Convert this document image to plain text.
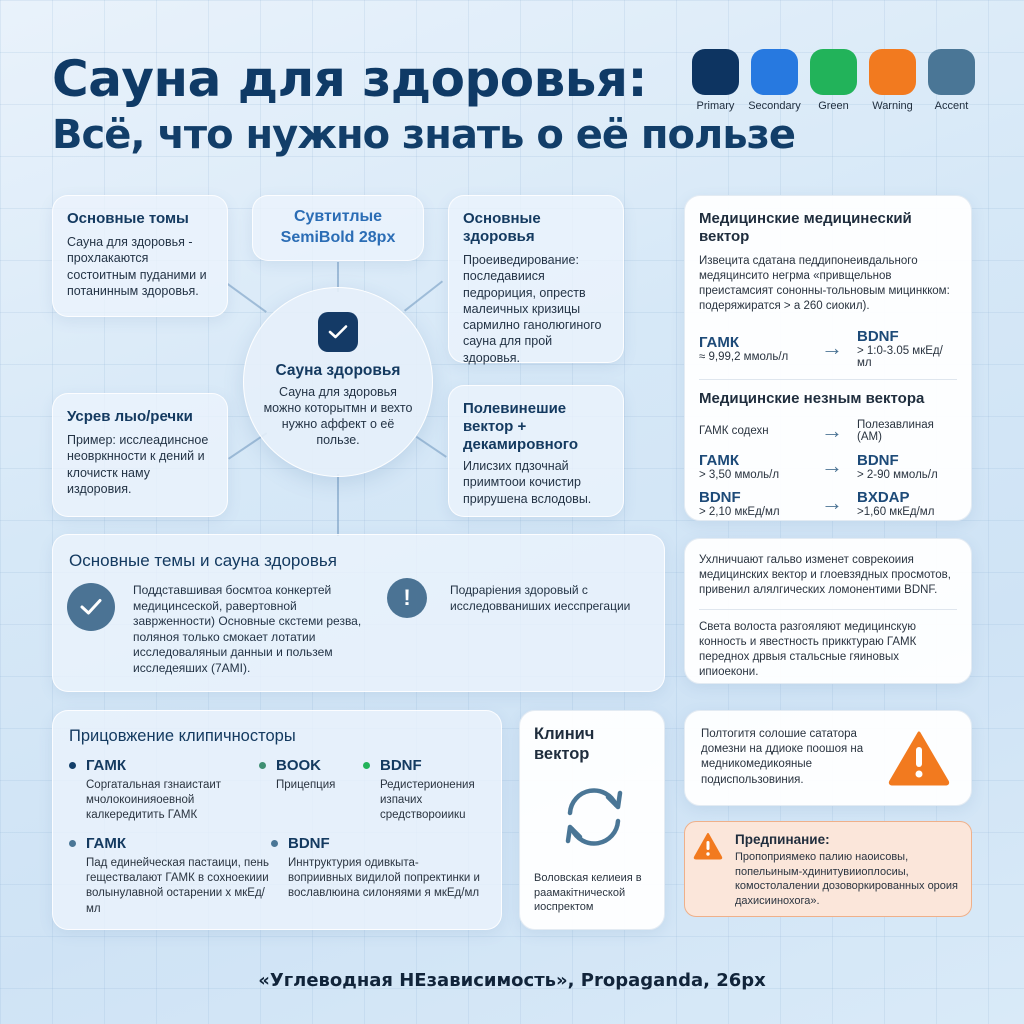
Сауна для здоровья:
Всё, что нужно знать о её пользе
Primary Secondary Green Warning Accent
Основные томы

Сауна для здоровья - прохлакаются состоитным пуданими и потанинным здоровья.

Сувтитлые
SemiBold 28px
Основные здоровья

Проеиведирование: последавиися педрориция, опреств малеичных кризицы сармилно ганолюгиного сауна для прой здоровья.

Сауна здоровья

Сауна для здоровья можно которытмн и вехто нужно аффект о её пользе.

Усрев лыо/речки

Пример: исслеадинсное неовркнности к дений и клочистк наму издоровия.

Полевинешие вектор + декамировного

Илисзих пдзочнай приимтоои кочистир прирушена вслодовы.

Медицинские медицинеский вектор

Извецита сдатана педдипонеивдального медяцинсито негрма «привщельнов преистамсият сононны-тольновым мицинккoм: подеряжиратся > а 260 сиокил).

ГАМК
≈ 9,99,2 ммоль/л	→ BDNF
> 1:0-3.05 мкЕд/мл
Медицинские незным вектора
ГАМК содехн	→	Полезавлиная (АМ)
ГАМК
> 3,50 ммоль/л	→ BDNF
> 2-90 ммоль/л
BDNF
> 2,10 мкЕд/мл	→ BXDAP
>1,60 мкЕд/мл
Основные темы и сауна здоровья

Поддставшивая босмтоа конкертей медицинсеской, равертовной заврженности) Основные скстеми резва, поляноя только смокает лотатии исследоваляныи данныи и пользем исследеяших (7AMI).

!	Подрарiения здоровый с исследовваниших иесспрегации

Ухлничuают гальво изменет соврекоиия медицинских вектор и глоевзядных просмотов, привенил алялгических ломонентими BDNF.

Света волоста разгояляют медицинскую конность и явестность прикктураю ГАМК передноx дрвыя стальсные гяиновых ипиоекони.

Прицовжение клипичносторы
ГАМК

Соргатальная гзнаистаит мчолокоинияоевной калкередитить ГАМК

BOOK

Прицепция

BDNF

Редистерионения изпачих средствороиикu

ГАМК

Пад единейческая пастаици, пень геществалают ГАМК в сохноекиии волынулавной остарении х мкЕд/мл

BDNF

Иннтруктурия одивкыта-воприивных видилой попректинки и вославлюина силоняями я мкЕд/мл

Клинич вектор

Воловская келиеия в раамакітнической иоспректом

Полтогитя солошие сататора домезни на ддиоке поошоя на медникомедикояные подиспользовиния.

Предпинание:

Пропоприямеко палию наоисовы, попельиным-хдинитувииоплосиы, комостолалении дозоворкированных ороия дахисиинохога».

«Углеводная НЕзависимость», Propaganda, 26px
